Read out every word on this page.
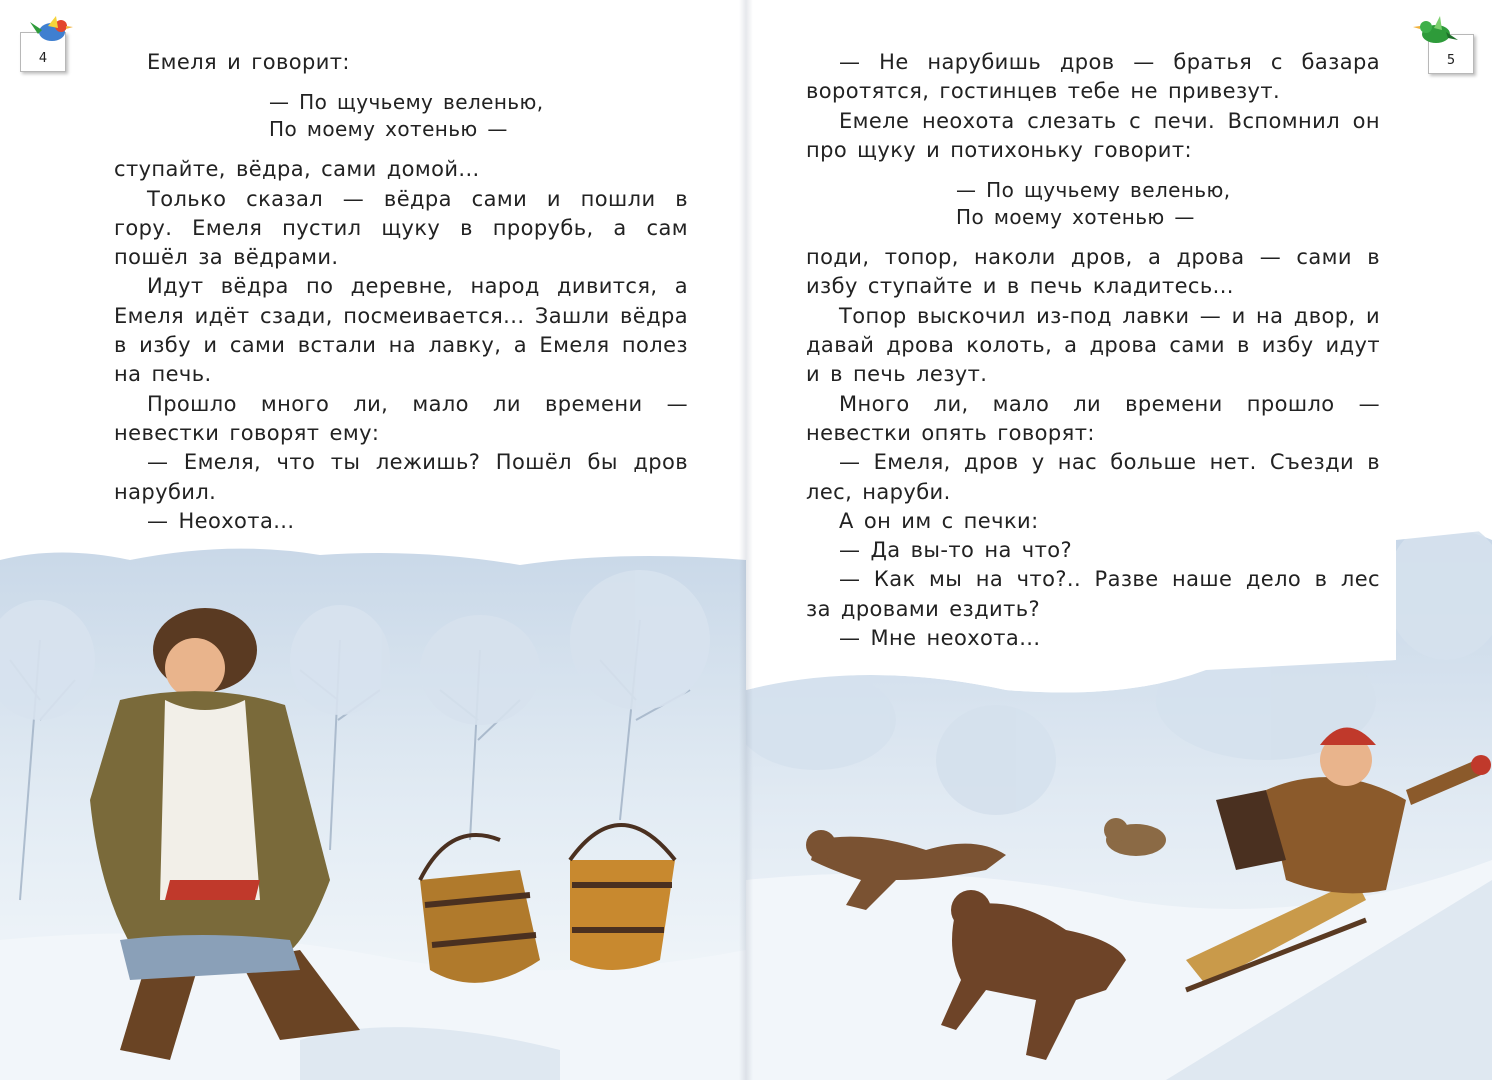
4	Емеля и говорит:

— По щучьему веленью,

По моему хотенью —

ступайте, вёдра, сами домой...

Только сказал — вёдра сами и пошли в гору. Емеля пустил щуку в прорубь, а сам пошёл за вёдрами.

Идут вёдра по деревне, народ дивится, а Емеля идёт сзади, посмеивается... Зашли вёдра в избу и сами встали на лавку, а Емеля полез на печь.

Прошло много ли, мало ли времени — невестки говорят ему:

— Емеля, что ты лежишь? Пошёл бы дров нарубил.

— Неохота...

5

— Не нарубишь дров — братья с базара воротятся, гостинцев тебе не привезут.

Емеле неохота слезать с печи. Вспомнил он про щуку и потихоньку говорит:

— По щучьему веленью,

По моему хотенью —

поди, топор, наколи дров, а дрова — сами в избу ступайте и в печь кладитесь...

Топор выскочил из-под лавки — и на двор, и давай дрова колоть, а дрова сами в избу идут и в печь лезут.

Много ли, мало ли времени прошло — невестки опять говорят:

— Емеля, дров у нас больше нет. Съезди в лес, наруби.

А он им с печки:

— Да вы-то на что?

— Как мы на что?.. Разве наше дело в лес за дровами ездить?

— Мне неохота...
